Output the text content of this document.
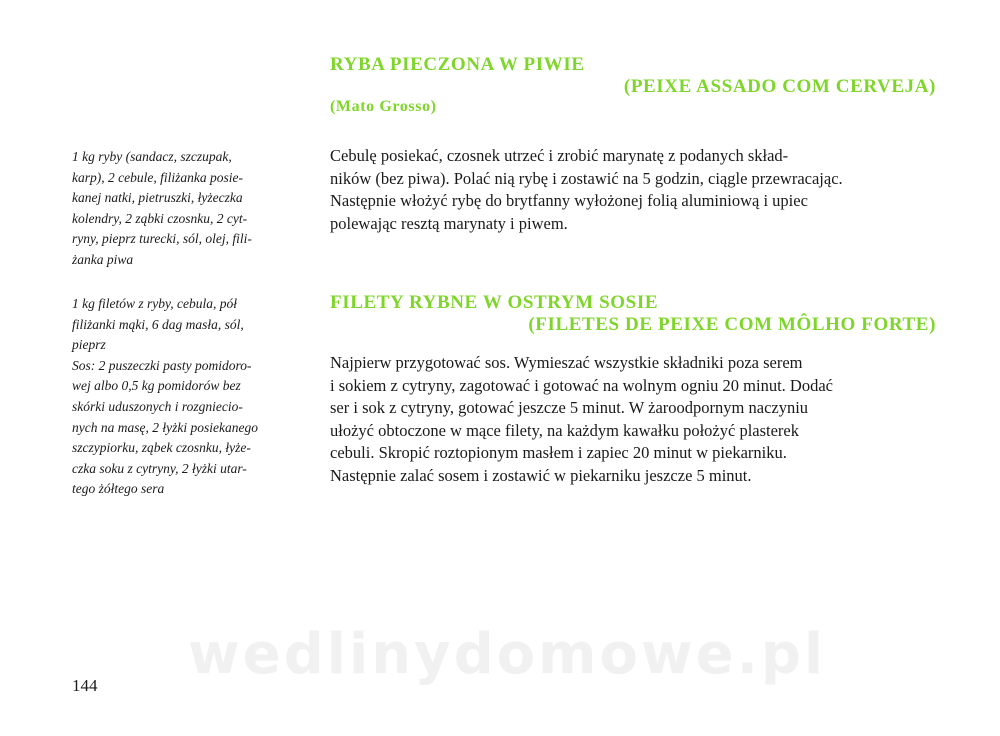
wedlinydomowe.pl
RYBA PIECZONA W PIWIE
(PEIXE ASSADO COM CERVEJA)
(Mato Grosso)
1 kg ryby (sandacz, szczupak,
karp), 2 cebule, filiżanka posie-
kanej natki, pietruszki, łyżeczka
kolendry, 2 ząbki czosnku, 2 cyt-
ryny, pieprz turecki, sól, olej, fili-
żanka piwa
Cebulę posiekać, czosnek utrzeć i zrobić marynatę z podanych skład-
ników (bez piwa). Polać nią rybę i zostawić na 5 godzin, ciągle przewracając.
Następnie włożyć rybę do brytfanny wyłożonej folią aluminiową i upiec
polewając resztą marynaty i piwem.
FILETY RYBNE W OSTRYM SOSIE
(FILETES DE PEIXE COM MÔLHO FORTE)
1 kg filetów z ryby, cebula, pół
filiżanki mąki, 6 dag masła, sól,
pieprz
Sos: 2 puszeczki pasty pomidoro-
wej albo 0,5 kg pomidorów bez
skórki uduszonych i rozgniecio-
nych na masę, 2 łyżki posiekanego
szczypiorku, ząbek czosnku, łyże-
czka soku z cytryny, 2 łyżki utar-
tego żółtego sera
Najpierw przygotować sos. Wymieszać wszystkie składniki poza serem
i sokiem z cytryny, zagotować i gotować na wolnym ogniu 20 minut. Dodać
ser i sok z cytryny, gotować jeszcze 5 minut. W żaroodpornym naczyniu
ułożyć obtoczone w mące filety, na każdym kawałku położyć plasterek
cebuli. Skropić roztopionym masłem i zapiec 20 minut w piekarniku.
Następnie zalać sosem i zostawić w piekarniku jeszcze 5 minut.
144
